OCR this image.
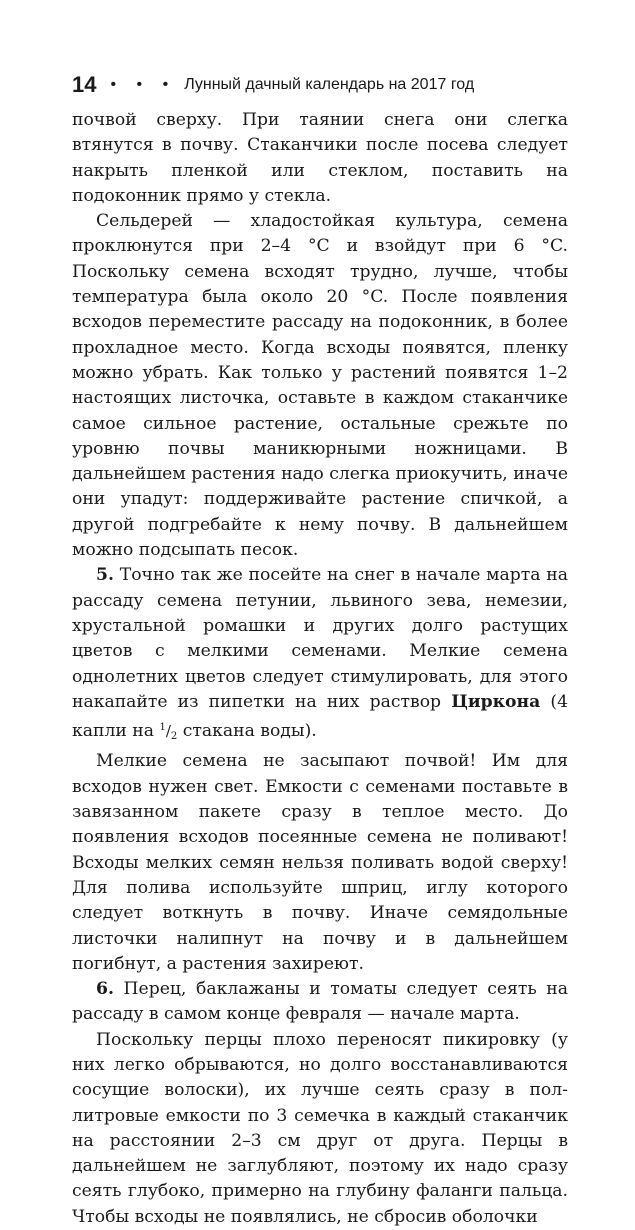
14 • • • Лунный дачный календарь на 2017 год

почвой сверху. При таянии снега они слегка втянутся в почву. Стаканчики после посева следует накрыть пленкой или стеклом, поставить на подоконник прямо у стекла.

Сельдерей — хладостойкая культура, семена проклюнутся при 2–4 °C и взойдут при 6 °C. Поскольку семена всходят трудно, лучше, чтобы температура была около 20 °C. После появления всходов переместите рассаду на подоконник, в более прохладное место. Когда всходы появятся, пленку можно убрать. Как только у растений появятся 1–2 настоящих листочка, оставьте в каждом стаканчике самое сильное растение, остальные срежьте по уровню почвы маникюрными ножницами. В дальнейшем растения надо слегка приокучить, иначе они упадут: поддерживайте растение спичкой, а другой подгребайте к нему почву. В дальнейшем можно подсыпать песок.

5. Точно так же посейте на снег в начале марта на рассаду семена петунии, львиного зева, немезии, хрустальной ромашки и других долго растущих цветов с мелкими семенами. Мелкие семена однолетних цветов следует стимулировать, для этого накапайте из пипетки на них раствор Циркона (4 капли на $^1/_2$ стакана воды).

Мелкие семена не засыпают почвой! Им для всходов нужен свет. Емкости с семенами поставьте в завязанном пакете сразу в теплое место. До появления всходов посеянные семена не поливают! Всходы мелких семян нельзя поливать водой сверху! Для полива используйте шприц, иглу которого следует воткнуть в почву. Иначе семядольные листочки налипнут на почву и в дальнейшем погибнут, а растения захиреют.

6. Перец, баклажаны и томаты следует сеять на рассаду в самом конце февраля — начале марта.

Поскольку перцы плохо переносят пикировку (у них легко обрываются, но долго восстанавливаются сосущие волоски), их лучше сеять сразу в пол-литровые емкости по 3 семечка в каждый стаканчик на расстоянии 2–3 см друг от друга. Перцы в дальнейшем не заглубляют, поэтому их надо сразу сеять глубоко, примерно на глубину фаланги пальца. Чтобы всходы не появлялись, не сбросив оболочки
